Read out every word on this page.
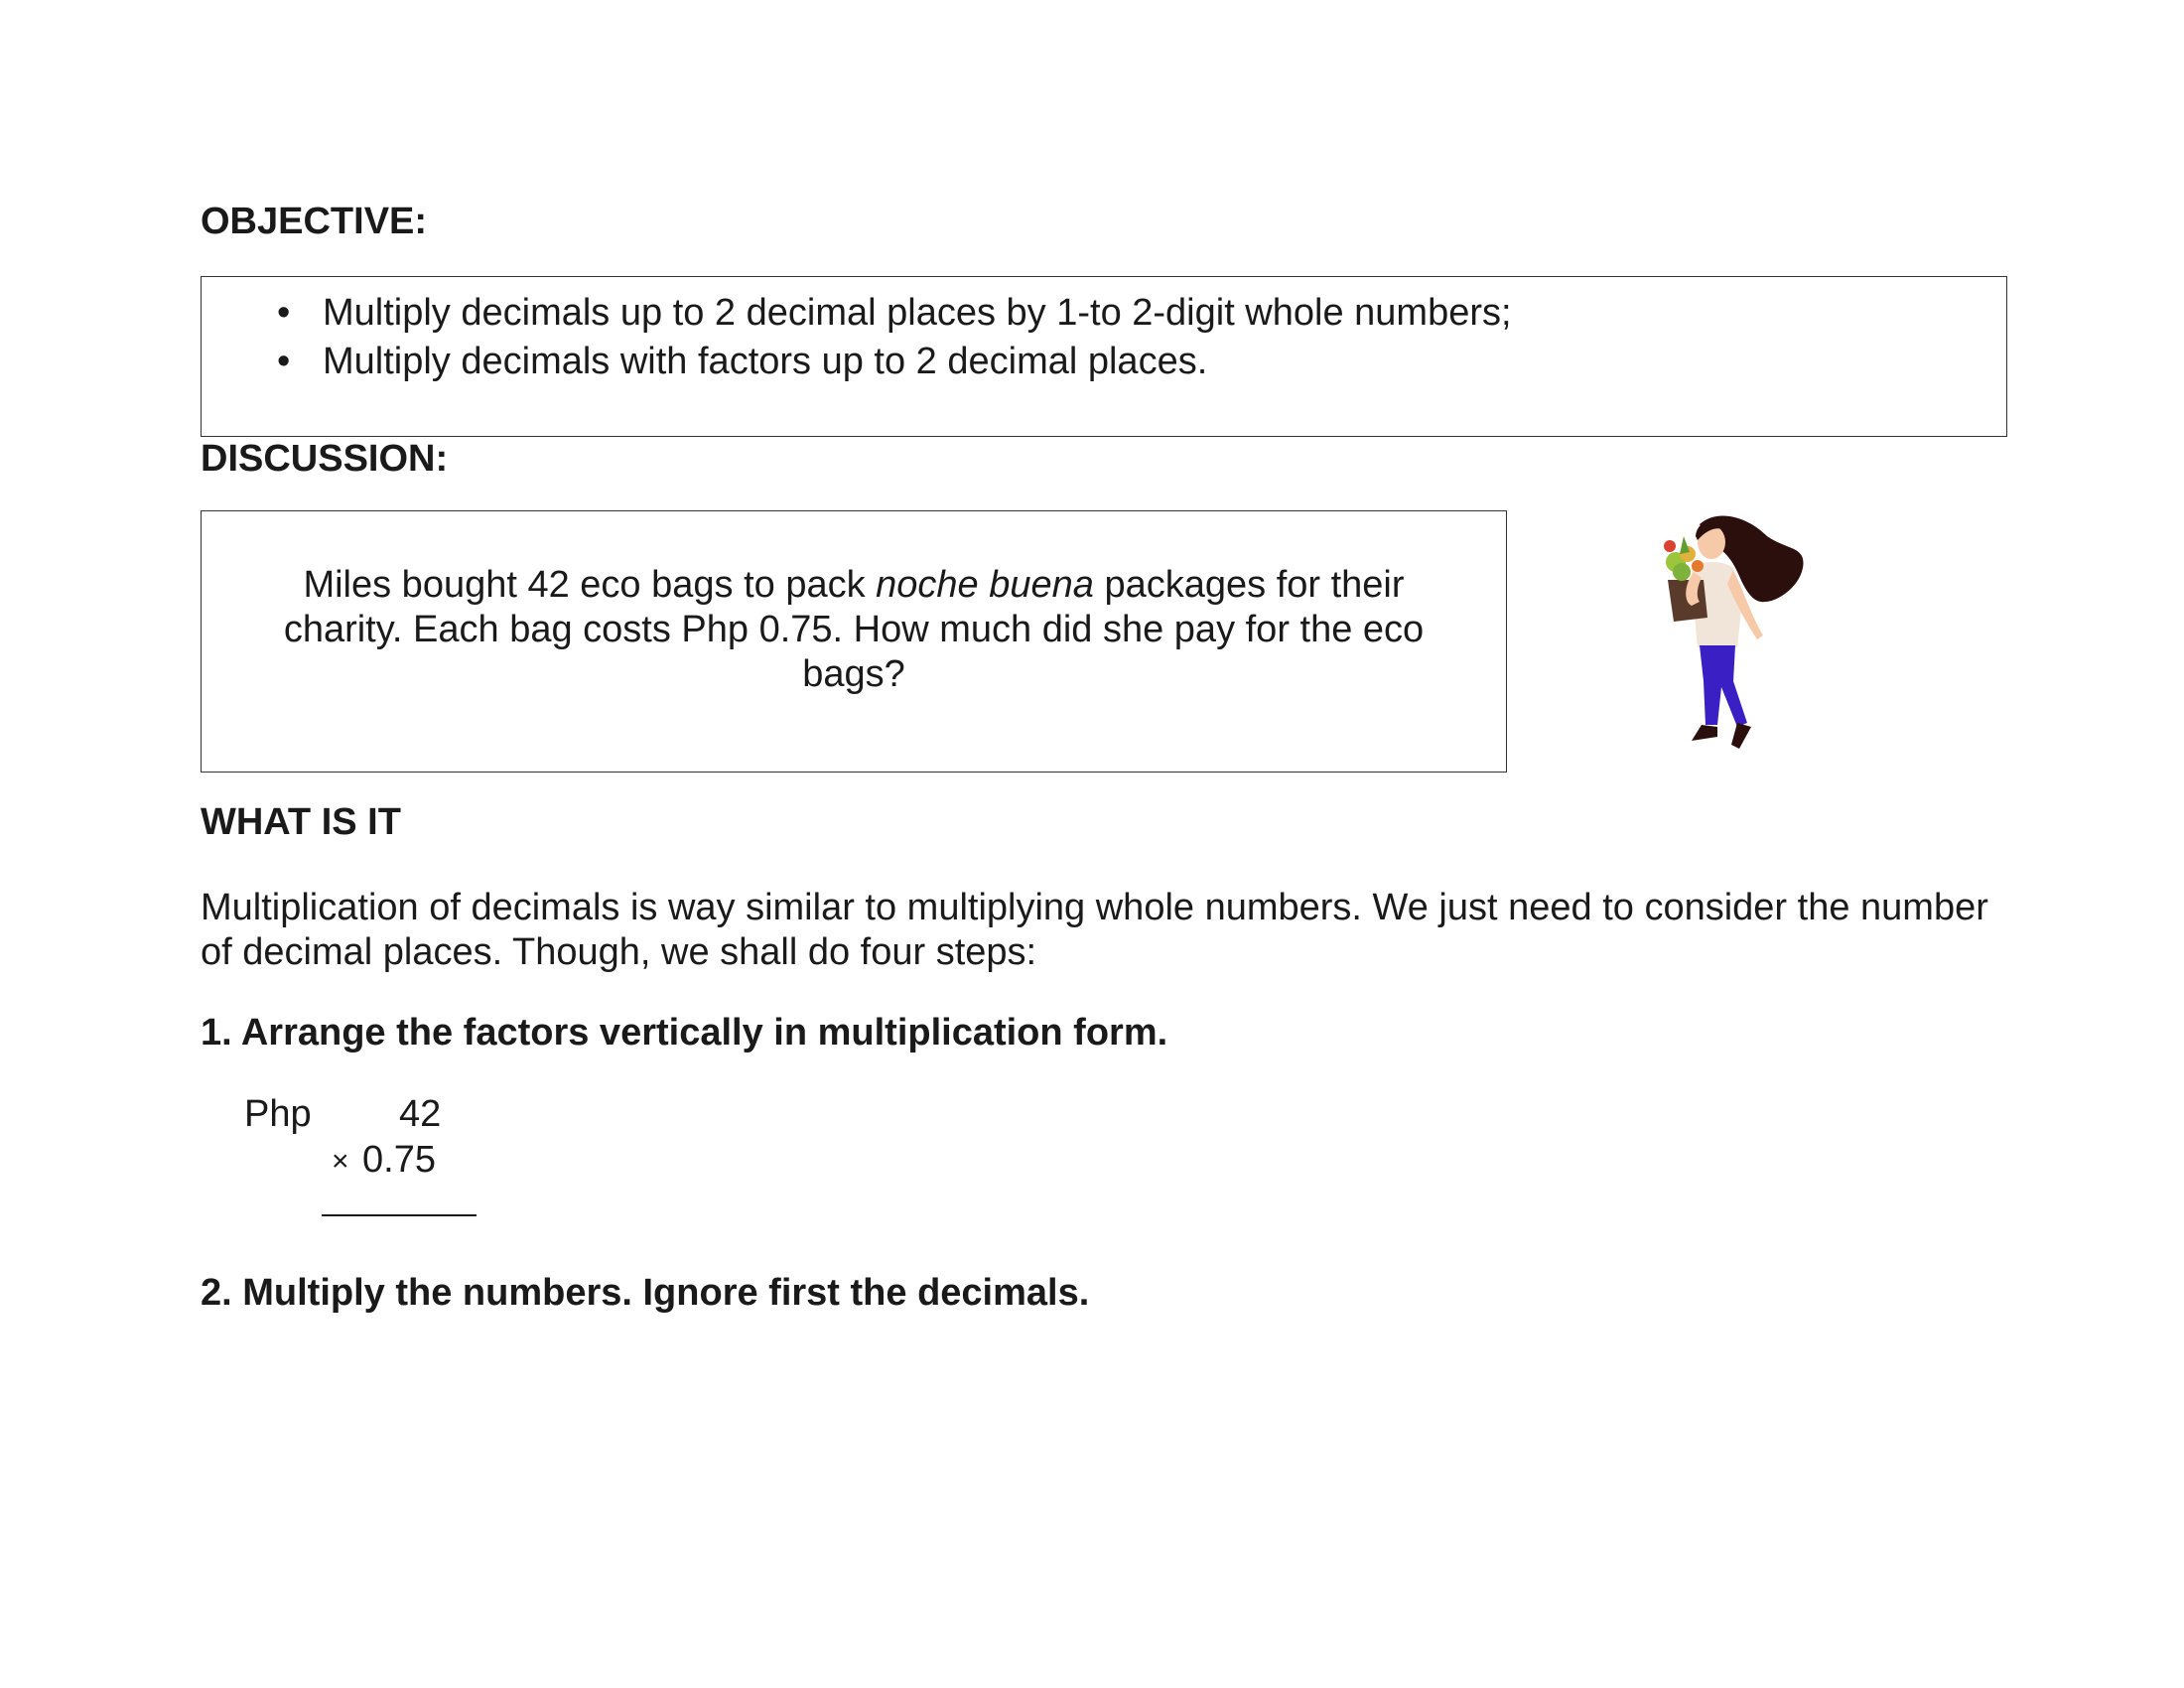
OBJECTIVE:
• Multiply decimals up to 2 decimal places by 1-to 2-digit whole numbers;
• Multiply decimals with factors up to 2 decimal places.
DISCUSSION:

Miles bought 42 eco bags to pack noche buena packages for their charity. Each bag costs Php 0.75. How much did she pay for the eco bags?

WHAT IS IT

Multiplication of decimals is way similar to multiplying whole numbers. We just need to consider the number of decimal places. Though, we shall do four steps:

1. Arrange the factors vertically in multiplication form.
Php 42
× 0.75
2. Multiply the numbers. Ignore first the decimals.
